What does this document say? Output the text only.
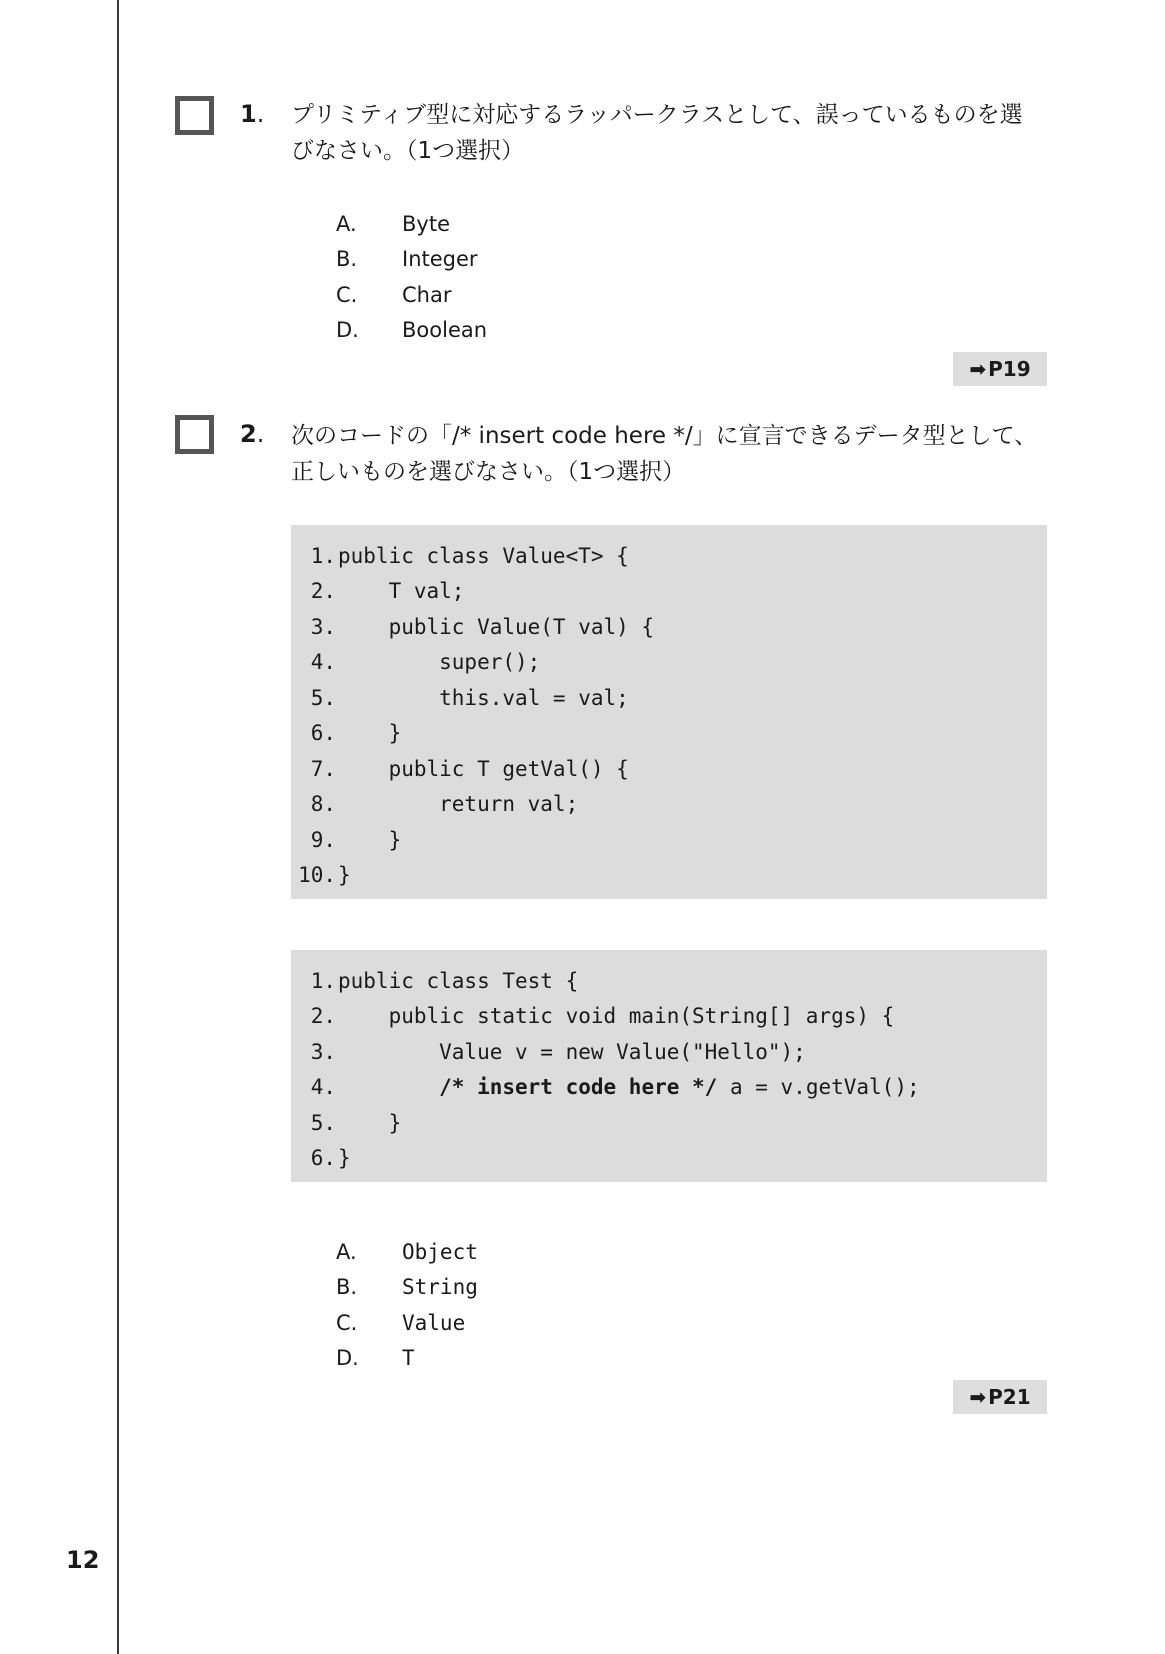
1. プリミティブ型に対応するラッパークラスとして、誤っているものを選
びなさい。（1つ選択）
A.	Byte
B.	Integer
C.	Char
D.	Boolean
➡ P19
2. 次のコードの「/* insert code here */」に宣言できるデータ型として、
正しいものを選びなさい。（1つ選択）
1. public class Value<T> {
2. T val;
3. public Value(T val) {
4. super();
5. this.val = val;
6. }
7. public T getVal() {
8. return val;
9. }
10. }
1. public class Test {
2. public static void main(String[] args) {
3. Value v = new Value("Hello");
4.	/* insert code here */ a = v.getVal();
5. }
6. }
A.	Object
B.	String
C.	Value
D.	T
➡ P21
12
